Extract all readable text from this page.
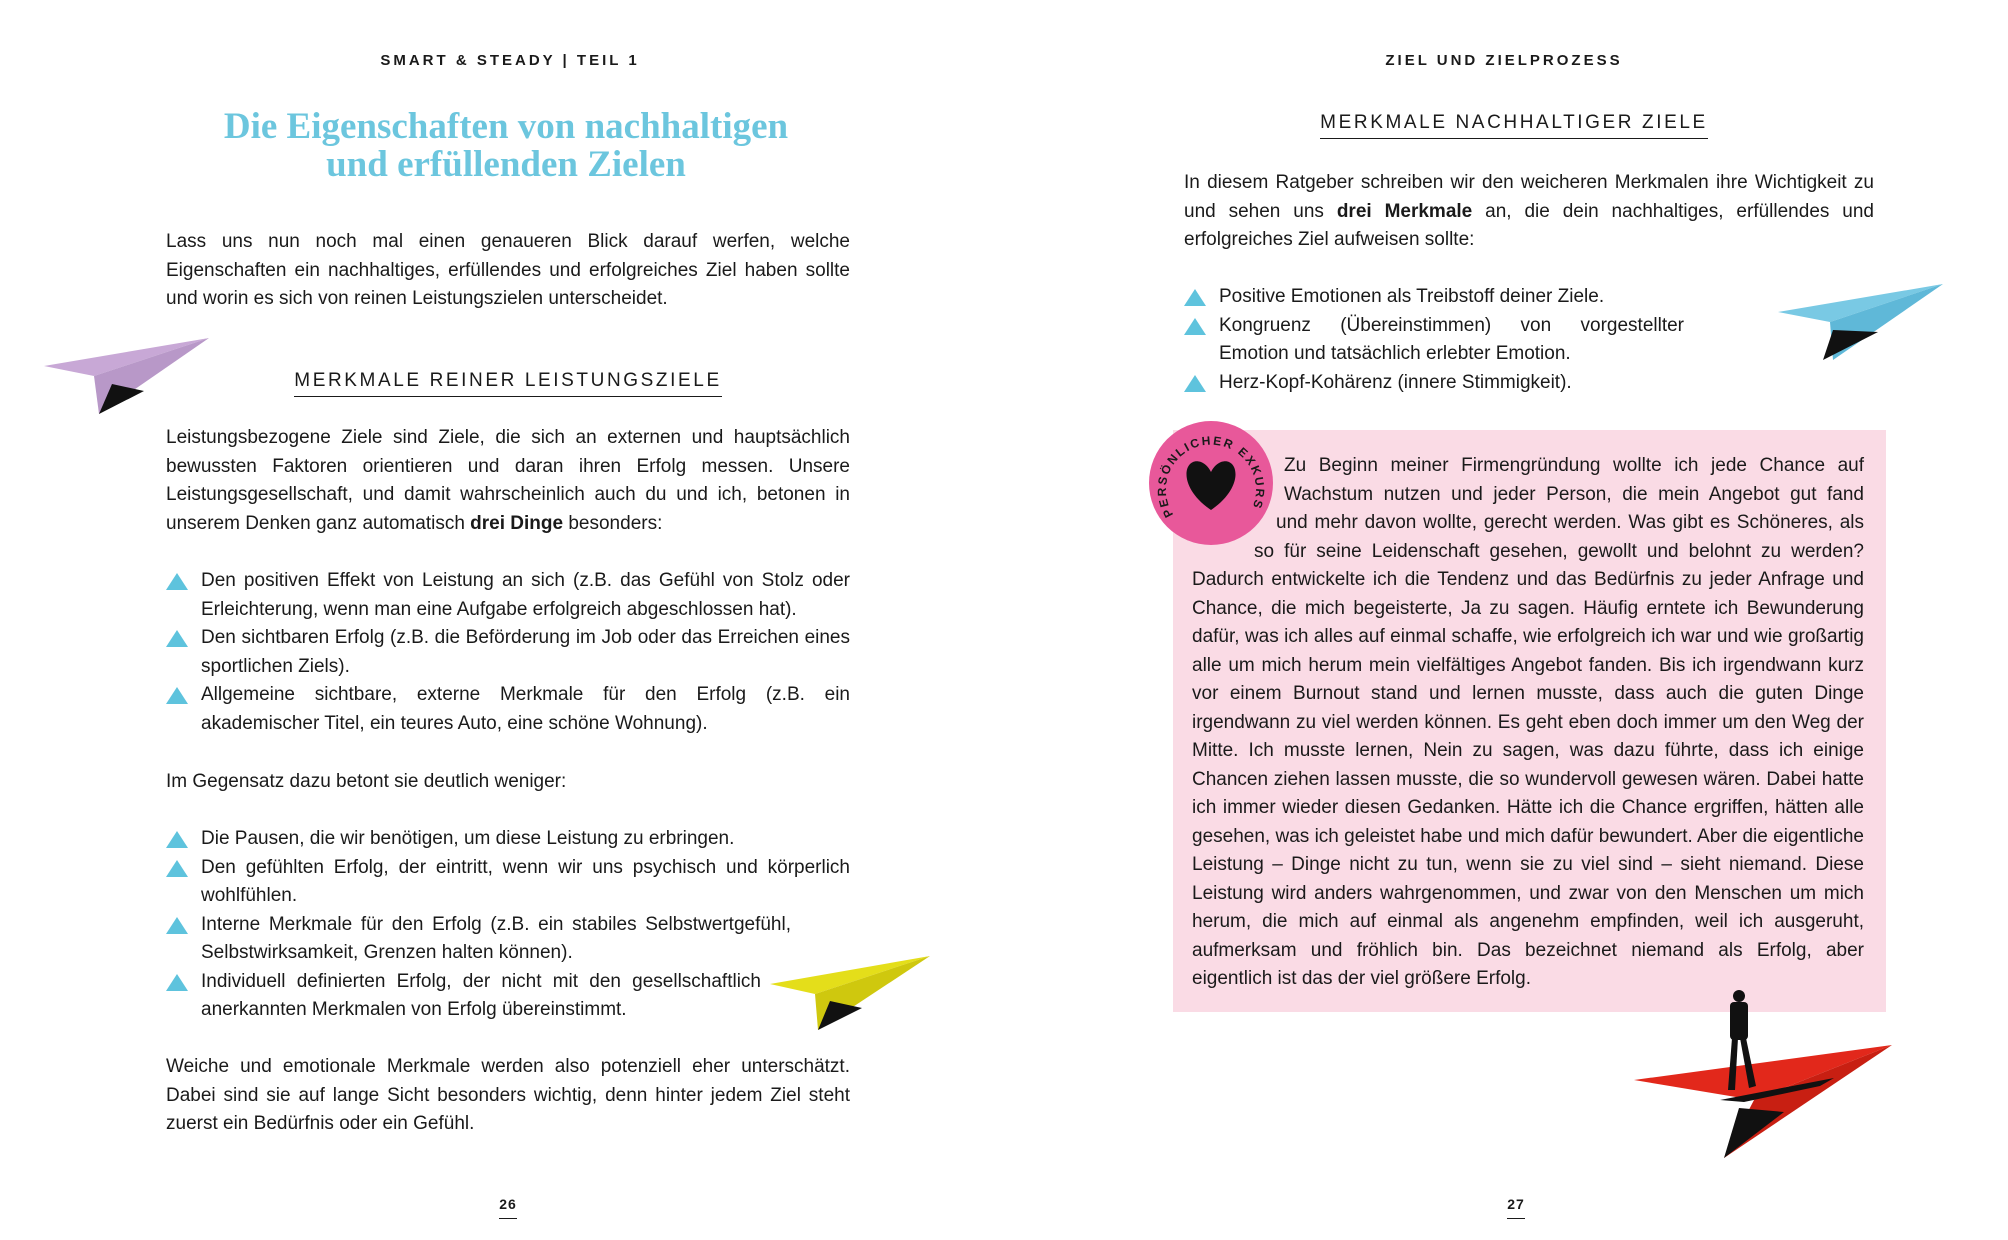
SMART & STEADY | TEIL 1
Die Eigenschaften von nachhaltigen
und erfüllenden Zielen

Lass uns nun noch mal einen genaueren Blick darauf werfen, welche Eigenschaften ein nachhaltiges, erfüllendes und erfolgreiches Ziel haben sollte und worin es sich von reinen Leistungszielen unterscheidet.

MERKMALE REINER LEISTUNGSZIELE

Leistungsbezogene Ziele sind Ziele, die sich an externen und hauptsächlich bewussten Faktoren orientieren und daran ihren Erfolg messen. Unsere Leistungsgesellschaft, und damit wahrscheinlich auch du und ich, betonen in unserem Denken ganz automatisch drei Dinge besonders:

Den positiven Effekt von Leistung an sich (z.B. das Gefühl von Stolz oder Erleichterung, wenn man eine Aufgabe erfolgreich abgeschlossen hat).
Den sichtbaren Erfolg (z.B. die Beförderung im Job oder das Erreichen eines sportlichen Ziels).
Allgemeine sichtbare, externe Merkmale für den Erfolg (z.B. ein akademischer Titel, ein teures Auto, eine schöne Wohnung).

Im Gegensatz dazu betont sie deutlich weniger:

Die Pausen, die wir benötigen, um diese Leistung zu erbringen.
Den gefühlten Erfolg, der eintritt, wenn wir uns psychisch und körperlich wohlfühlen.
Interne Merkmale für den Erfolg (z.B. ein stabiles Selbstwertgefühl, Selbstwirksamkeit, Grenzen halten können).
Individuell definierten Erfolg, der nicht mit den gesellschaftlich anerkannten Merkmalen von Erfolg übereinstimmt.

Weiche und emotionale Merkmale werden also potenziell eher unterschätzt. Dabei sind sie auf lange Sicht besonders wichtig, denn hinter jedem Ziel steht zuerst ein Bedürfnis oder ein Gefühl.

26
ZIEL UND ZIELPROZESS
MERKMALE NACHHALTIGER ZIELE

In diesem Ratgeber schreiben wir den weicheren Merkmalen ihre Wichtigkeit zu und sehen uns drei Merkmale an, die dein nachhaltiges, erfüllendes und erfolgreiches Ziel aufweisen sollte:

Positive Emotionen als Treibstoff deiner Ziele.
Kongruenz (Übereinstimmen) von vorgestellter Emotion und tatsächlich erlebter Emotion.
Herz-Kopf-Kohärenz (innere Stimmigkeit).
PERSÖNLICHER EXKURS

Zu Beginn meiner Firmengründung wollte ich jede Chance auf
Wachstum nutzen und jeder Person, die mein Angebot gut fand
und mehr davon wollte, gerecht werden. Was gibt es Schöneres, als
so für seine Leidenschaft gesehen, gewollt und belohnt zu werden?
Dadurch entwickelte ich die Tendenz und das Bedürfnis zu jeder Anfrage und Chance, die mich begeisterte, Ja zu sagen. Häufig erntete ich Bewunderung dafür, was ich alles auf einmal schaffe, wie erfolgreich ich war und wie großartig alle um mich herum mein vielfältiges Angebot fanden. Bis ich irgendwann kurz vor einem Burnout stand und lernen musste, dass auch die guten Dinge irgendwann zu viel werden können. Es geht eben doch immer um den Weg der Mitte. Ich musste lernen, Nein zu sagen, was dazu führte, dass ich einige Chancen ziehen lassen musste, die so wundervoll gewesen wären. Dabei hatte ich immer wieder diesen Gedanken. Hätte ich die Chance ergriffen, hätten alle gesehen, was ich geleistet habe und mich dafür bewundert. Aber die eigentliche Leistung – Dinge nicht zu tun, wenn sie zu viel sind – sieht niemand. Diese Leistung wird anders wahrgenommen, und zwar von den Menschen um mich herum, die mich auf einmal als angenehm empfinden, weil ich ausgeruht, aufmerksam und fröhlich bin. Das bezeichnet niemand als Erfolg, aber eigentlich ist das der viel größere Erfolg.

27
